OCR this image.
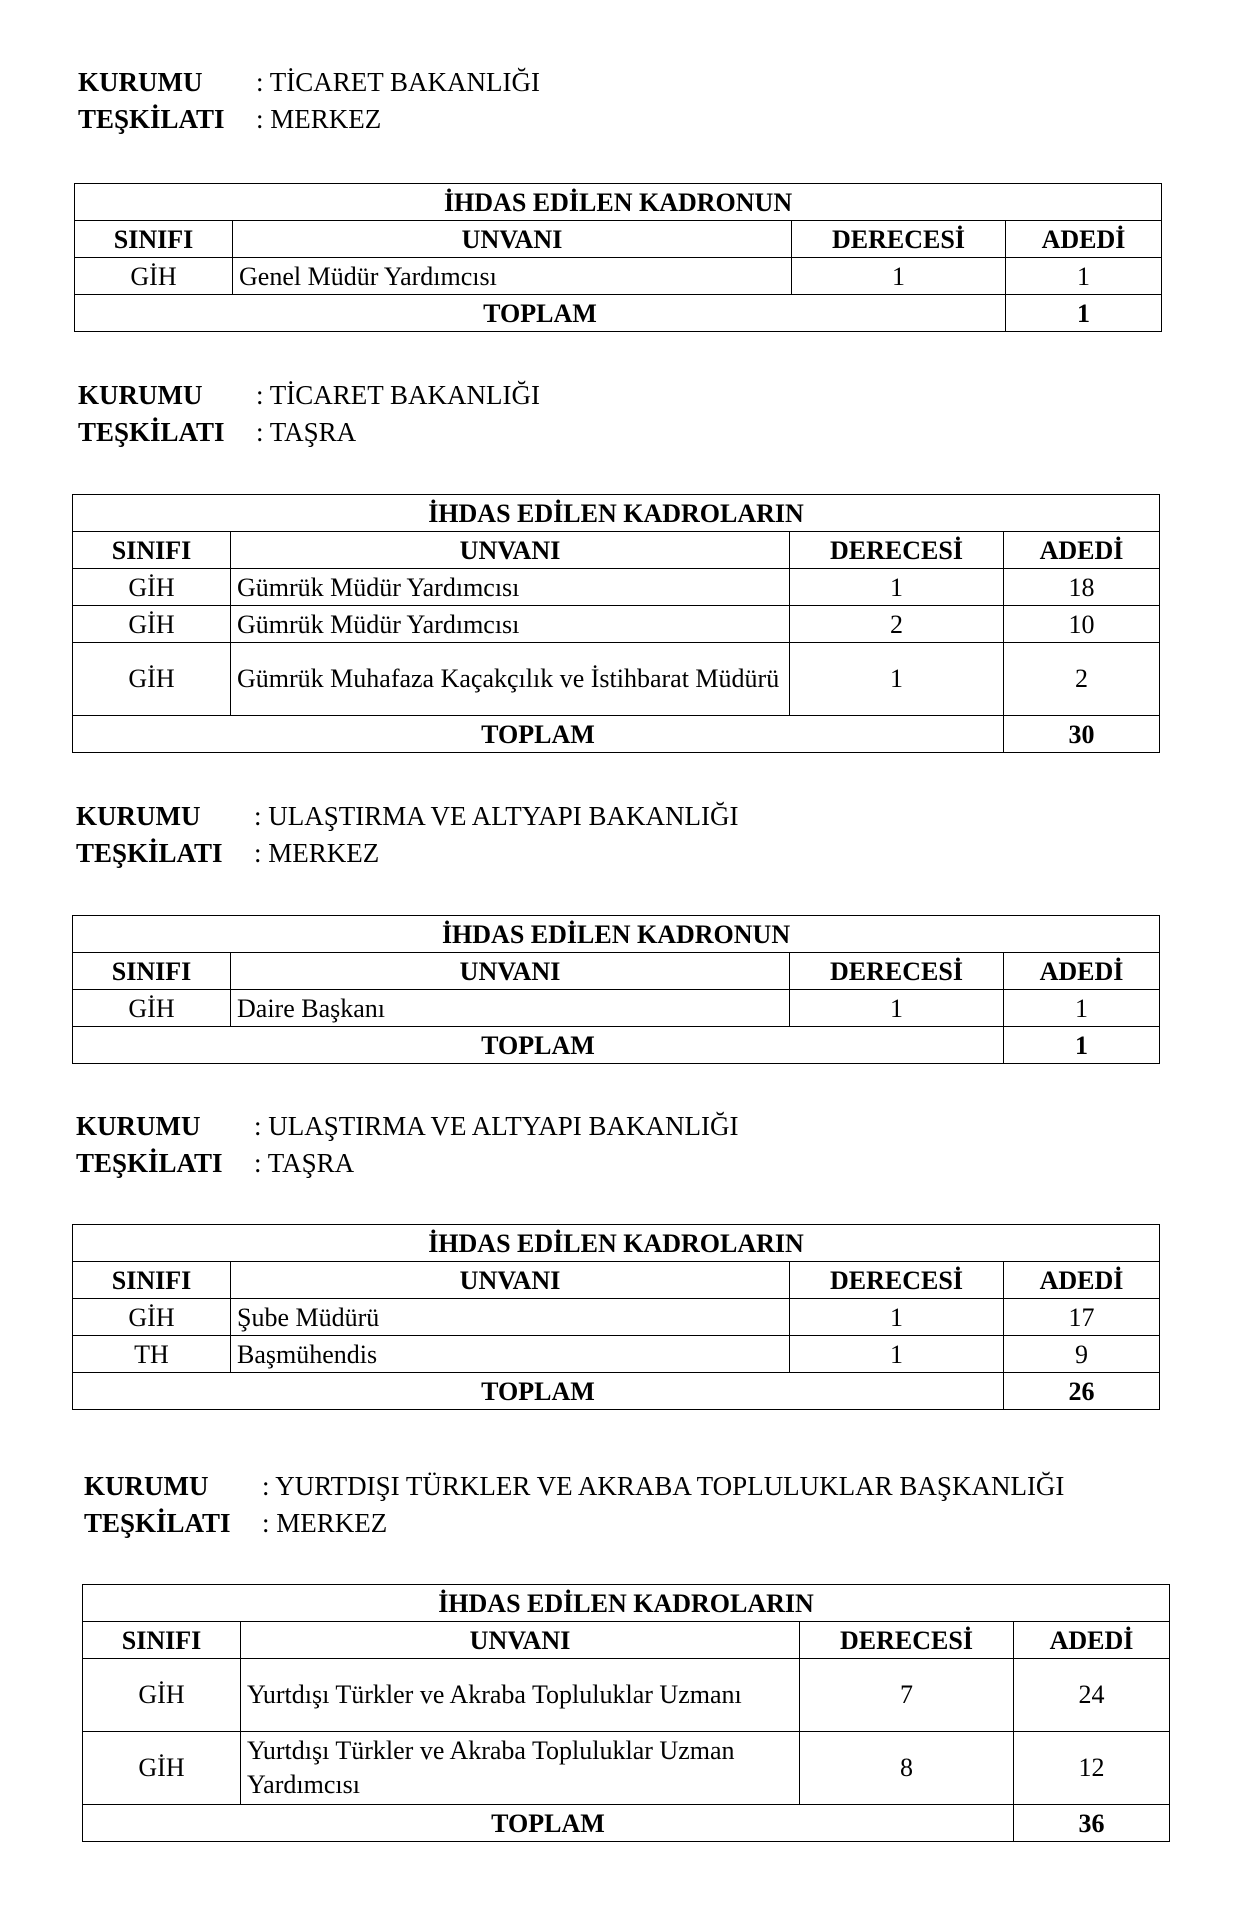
KURUMU : TİCARET BAKANLIĞI
TEŞKİLATI : MERKEZ
İHDAS EDİLEN KADRONUN			
SINIFI	UNVANI	DERECESİ	ADEDİ
GİH	Genel Müdür Yardımcısı	1	1
TOPLAM			1
KURUMU : TİCARET BAKANLIĞI
TEŞKİLATI : TAŞRA
İHDAS EDİLEN KADROLARIN			
SINIFI	UNVANI	DERECESİ	ADEDİ
GİH	Gümrük Müdür Yardımcısı	1	18
GİH	Gümrük Müdür Yardımcısı	2	10
GİH	Gümrük Muhafaza Kaçakçılık ve İstihbarat Müdürü	1	2
TOPLAM			30
KURUMU : ULAŞTIRMA VE ALTYAPI BAKANLIĞI
TEŞKİLATI : MERKEZ
İHDAS EDİLEN KADRONUN			
SINIFI	UNVANI	DERECESİ	ADEDİ
GİH	Daire Başkanı	1	1
TOPLAM			1
KURUMU : ULAŞTIRMA VE ALTYAPI BAKANLIĞI
TEŞKİLATI : TAŞRA
İHDAS EDİLEN KADROLARIN			
SINIFI	UNVANI	DERECESİ	ADEDİ
GİH	Şube Müdürü	1	17
TH	Başmühendis	1	9
TOPLAM			26
KURUMU : YURTDIŞI TÜRKLER VE AKRABA TOPLULUKLAR BAŞKANLIĞI
TEŞKİLATI : MERKEZ
İHDAS EDİLEN KADROLARIN			
SINIFI	UNVANI	DERECESİ	ADEDİ
GİH	Yurtdışı Türkler ve Akraba Topluluklar Uzmanı	7	24
GİH	Yurtdışı Türkler ve Akraba Topluluklar Uzman Yardımcısı	8	12
TOPLAM			36
